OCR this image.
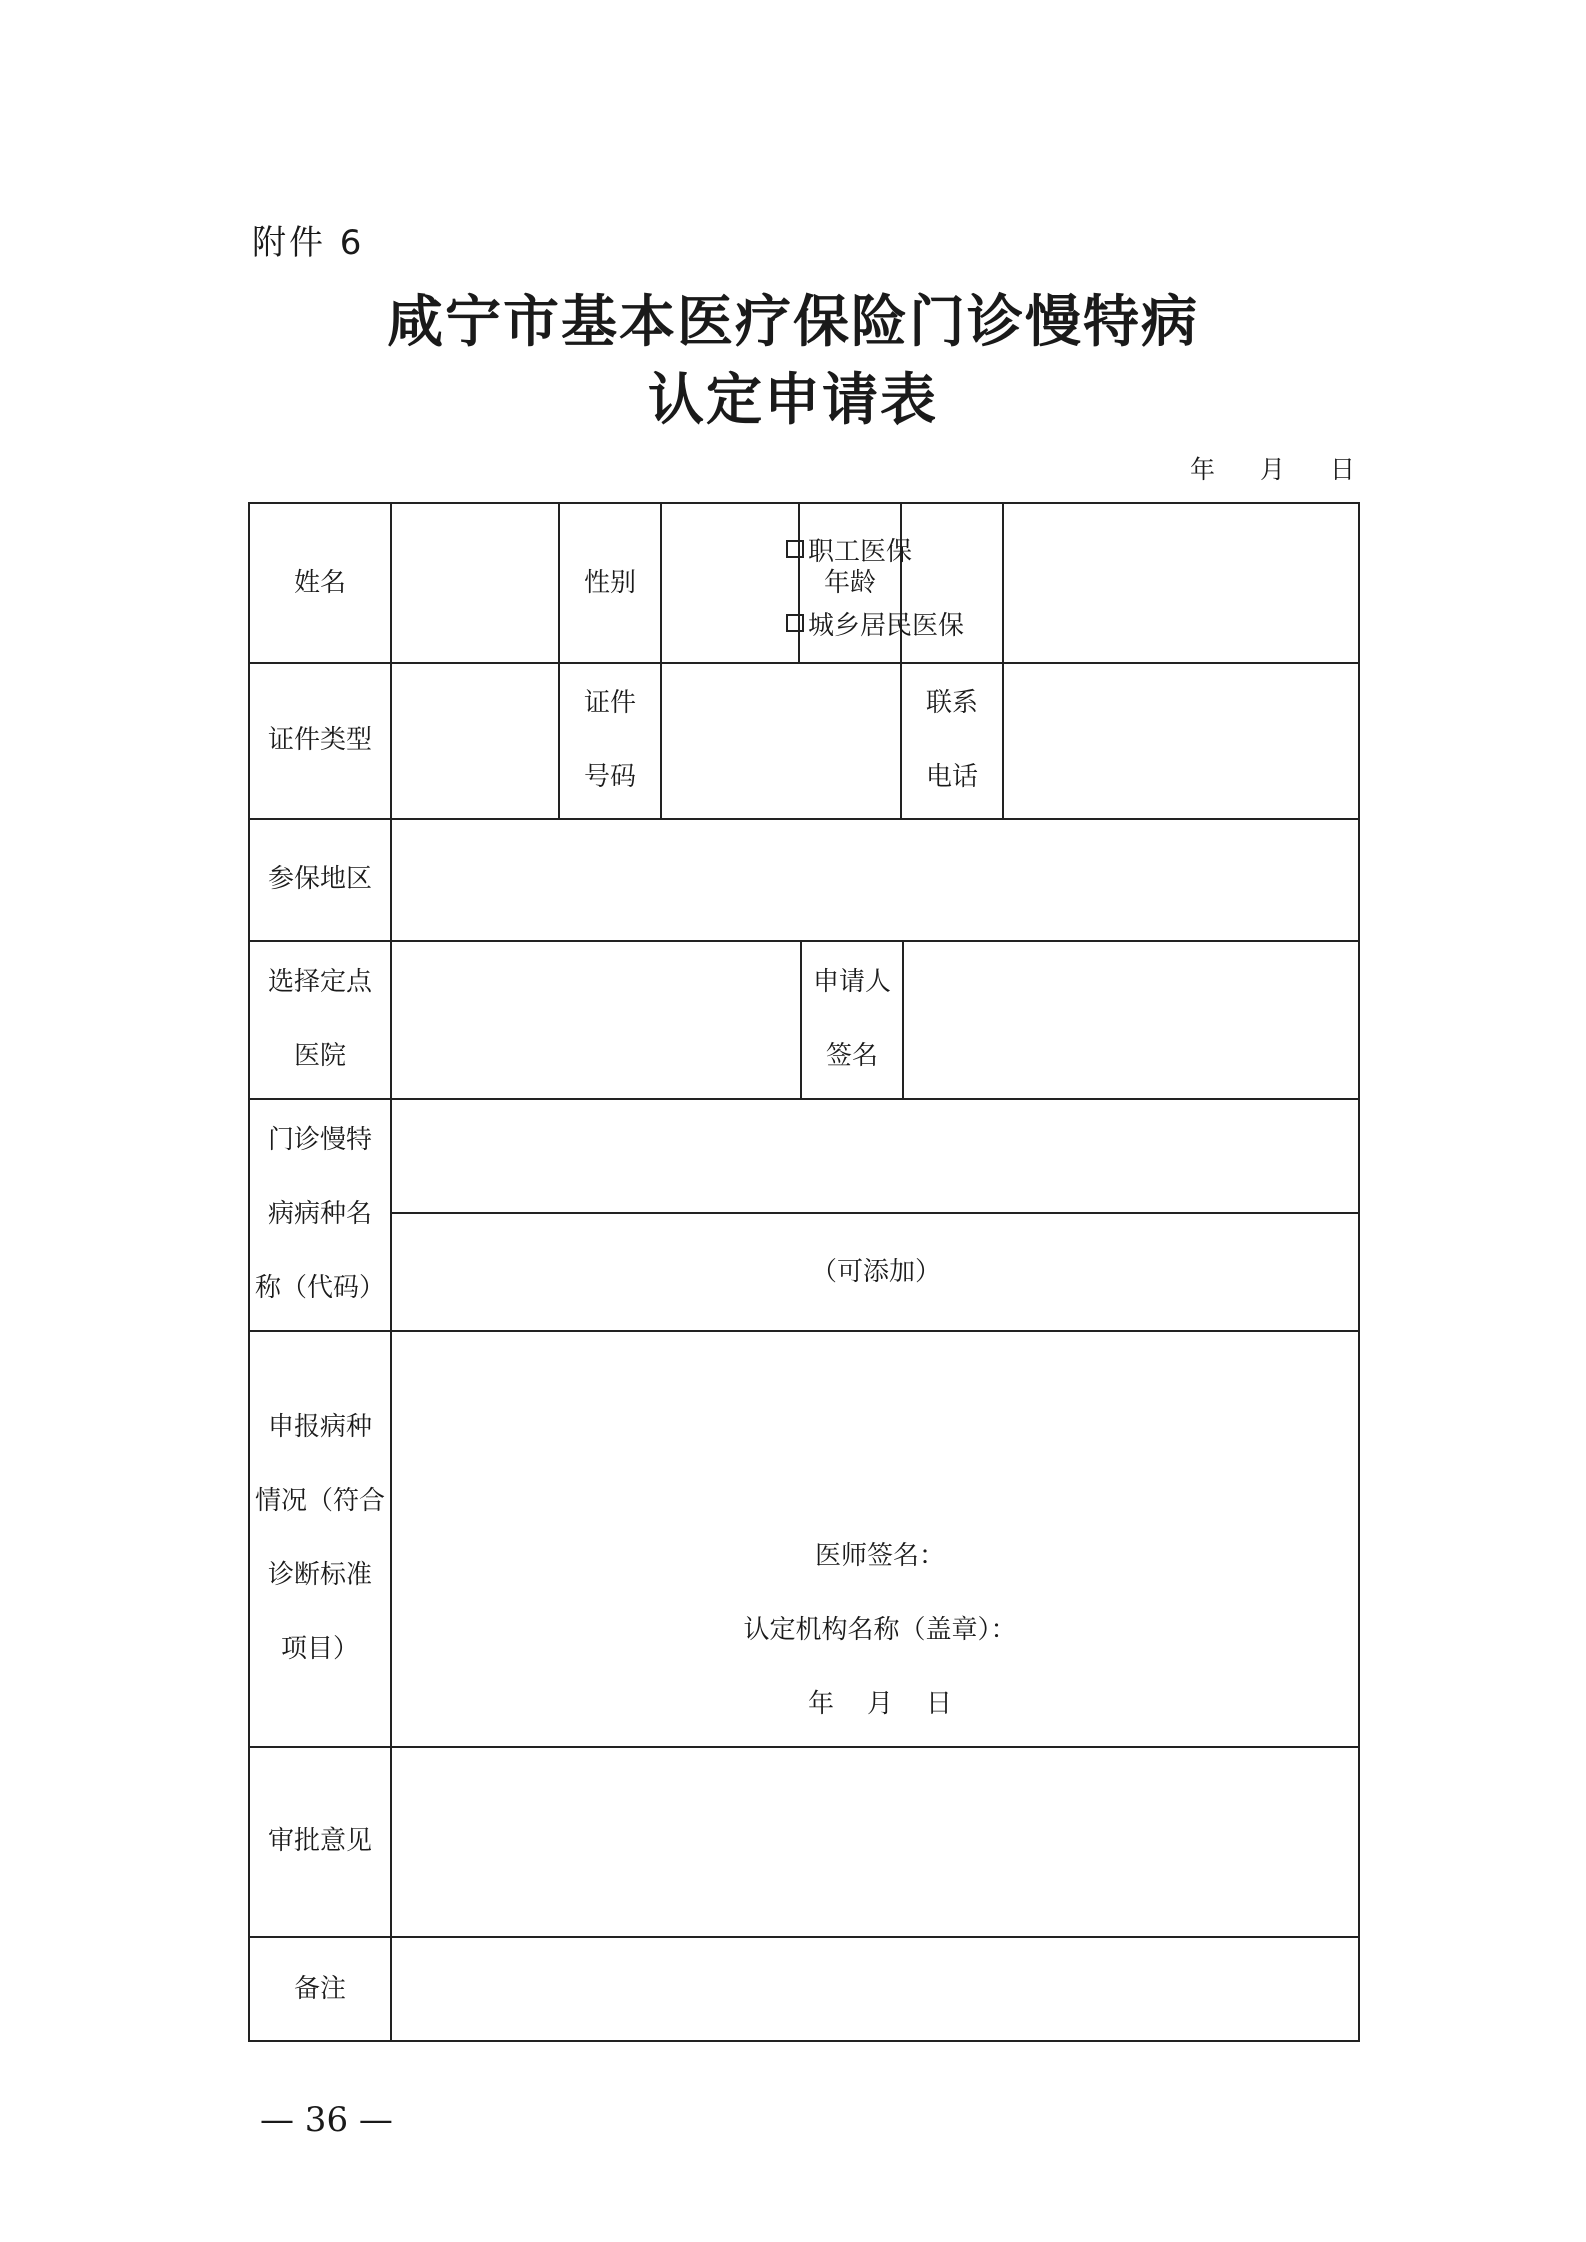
附件 6
咸宁市基本医疗保险门诊慢特病
认定申请表
年 月 日
姓名	性别	年龄
证件类型
证件
号码
联系
电话
参保地区
选择定点
医院
申请人
签名
门诊慢特
病病种名
称（代码）
（可添加）
申报病种
情况（符合
诊断标准
项目）
审批意见
备注
职工医保
城乡居民医保
医师签名：
认定机构名称（盖章）：
年    月    日
— 36 —
